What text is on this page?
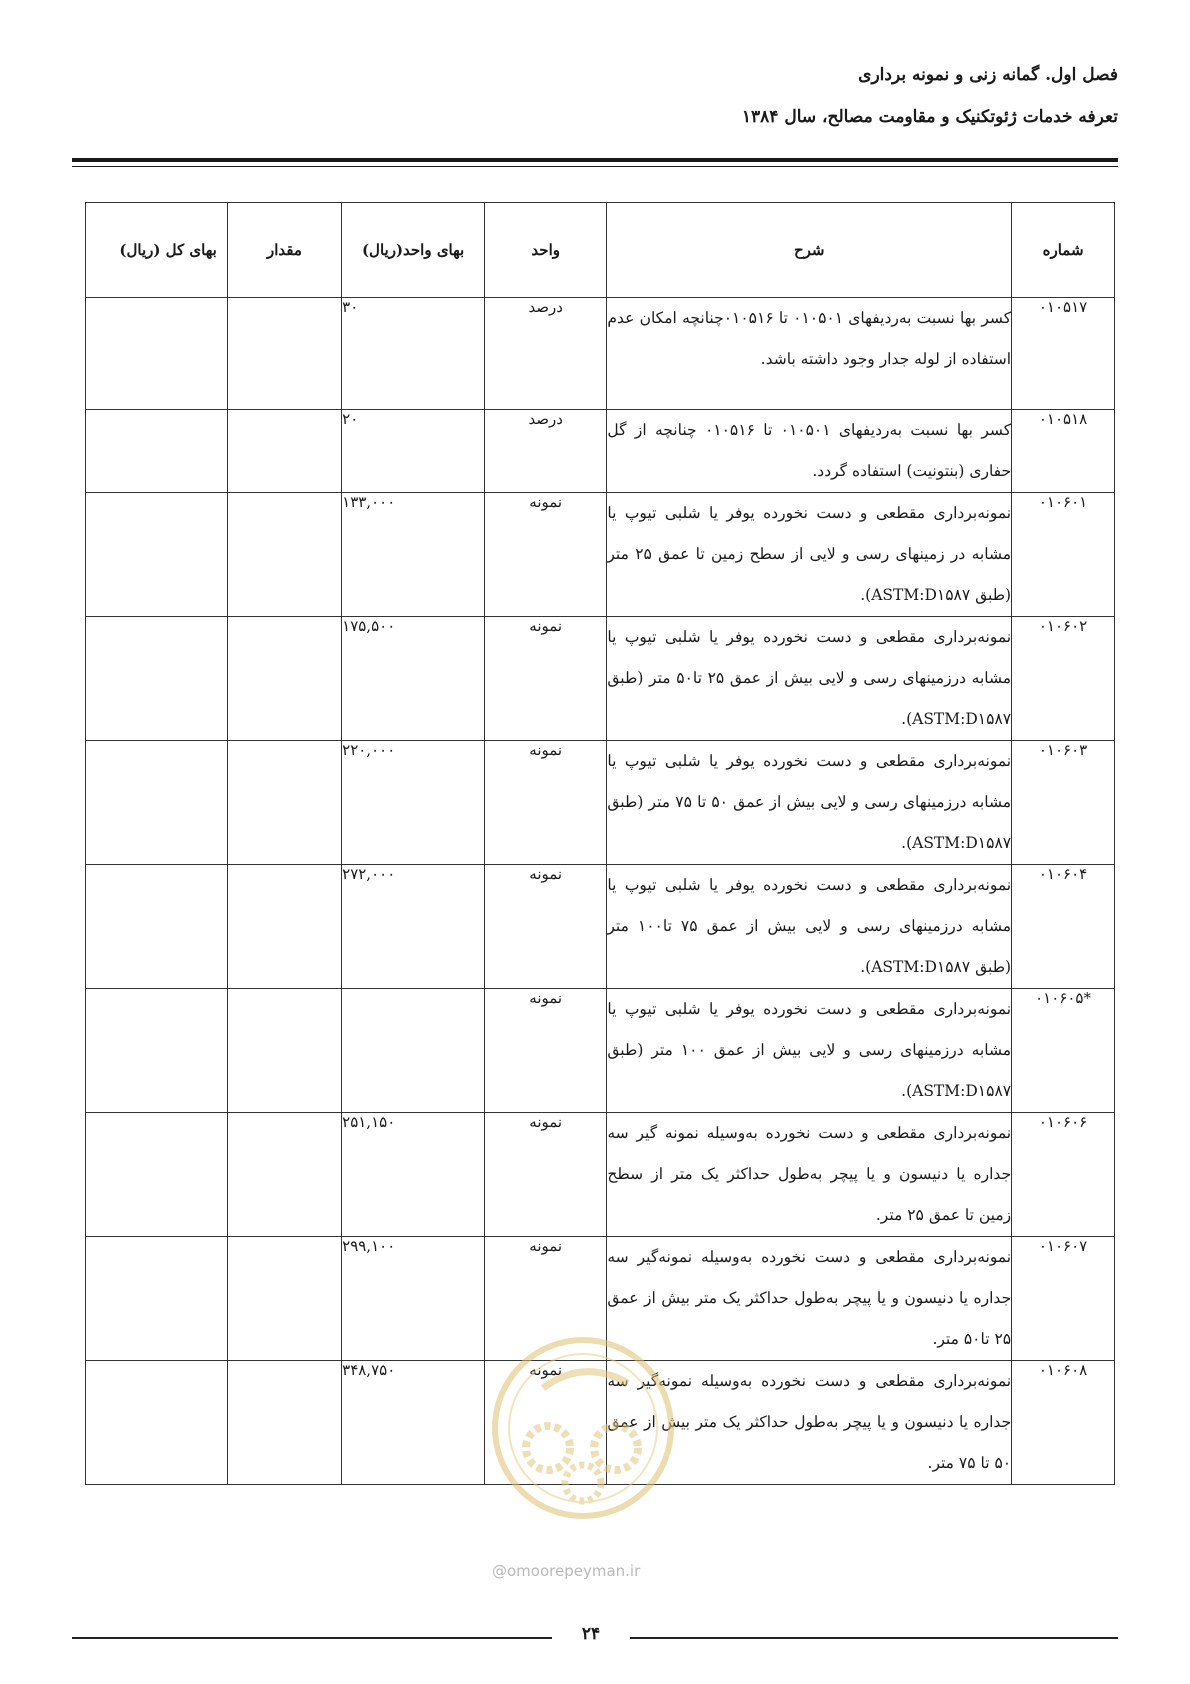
فصل اول. گمانه زنی و نمونه برداری
تعرفه خدمات ژئوتکنیک و مقاومت مصالح، سال ۱۳۸۴
شماره	شرح	واحد	بهای واحد(ریال)	مقدار	بهای کل (ریال)
۰۱۰۵۱۷	کسر بها نسبت به‌ردیفهای ۰۱۰۵۰۱ تا ۰۱۰۵۱۶چنانچه امکان عدم استفاده از لوله جدار وجود داشته باشد.	درصد	۳۰		
۰۱۰۵۱۸	کسر بها نسبت به‌ردیفهای ۰۱۰۵۰۱ تا ۰۱۰۵۱۶ چنانچه از گل حفاری (بنتونیت) استفاده گردد.	درصد	۲۰		
۰۱۰۶۰۱	نمونه‌برداری مقطعی و دست نخورده یوفر یا شلبی تیوپ یا مشابه در زمینهای رسی و لایی از سطح زمین تا عمق ۲۵ متر (طبق ASTM:D۱۵۸۷).	نمونه	۱۳۳,۰۰۰		
۰۱۰۶۰۲	نمونه‌برداری مقطعی و دست نخورده یوفر یا شلبی تیوپ یا مشابه درزمینهای رسی و لایی بیش از عمق ۲۵ تا۵۰ متر (طبق ASTM:D۱۵۸۷).	نمونه	۱۷۵,۵۰۰		
۰۱۰۶۰۳	نمونه‌برداری مقطعی و دست نخورده یوفر یا شلبی تیوپ یا مشابه درزمینهای رسی و لایی بیش از عمق ۵۰ تا ۷۵ متر (طبق ASTM:D۱۵۸۷).	نمونه	۲۲۰,۰۰۰		
۰۱۰۶۰۴	نمونه‌برداری مقطعی و دست نخورده یوفر یا شلبی تیوپ یا مشابه درزمینهای رسی و لایی بیش از عمق ۷۵ تا۱۰۰ متر (طبق ASTM:D۱۵۸۷).	نمونه	۲۷۲,۰۰۰		
*۰۱۰۶۰۵	نمونه‌برداری مقطعی و دست نخورده یوفر یا شلبی تیوپ یا مشابه درزمینهای رسی و لایی بیش از عمق ۱۰۰ متر (طبق ASTM:D۱۵۸۷).	نمونه			
۰۱۰۶۰۶	نمونه‌برداری مقطعی و دست نخورده به‌وسیله نمونه گیر سه جداره یا دنیسون و یا پیچر به‌طول حداکثر یک متر از سطح زمین تا عمق ۲۵ متر.	نمونه	۲۵۱,۱۵۰		
۰۱۰۶۰۷	نمونه‌برداری مقطعی و دست نخورده به‌وسیله نمونه‌گیر سه جداره یا دنیسون و یا پیچر به‌طول حداکثر یک متر بیش از عمق ۲۵ تا۵۰ متر.	نمونه	۲۹۹,۱۰۰		
۰۱۰۶۰۸	نمونه‌برداری مقطعی و دست نخورده به‌وسیله نمونه‌گیر سه جداره یا دنیسون و یا پیچر به‌طول حداکثر یک متر بیش از عمق ۵۰ تا ۷۵ متر.	نمونه	۳۴۸,۷۵۰		
@omoorepeyman.ir
۲۴
